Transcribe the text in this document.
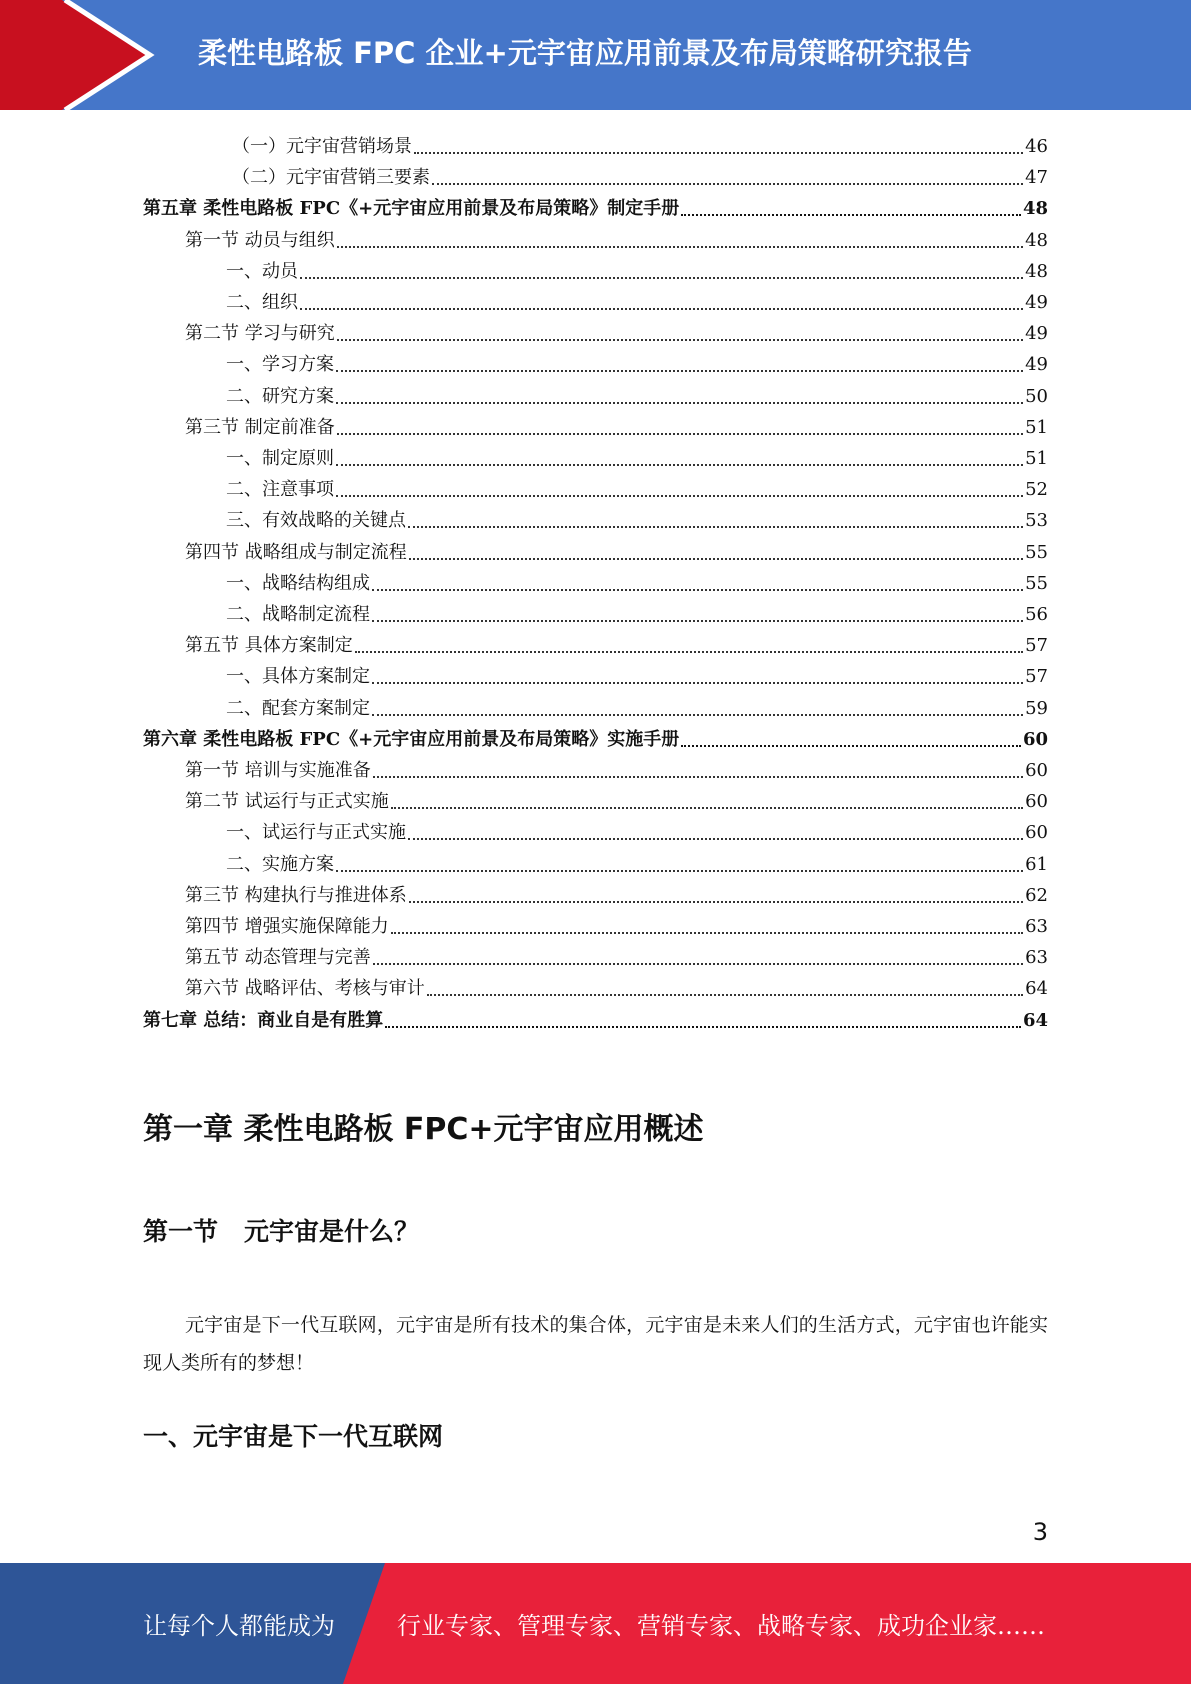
柔性电路板 FPC 企业+元宇宙应用前景及布局策略研究报告
（一）元宇宙营销场景	46
（二）元宇宙营销三要素	47
第五章 柔性电路板 FPC《+元宇宙应用前景及布局策略》制定手册	48
第一节 动员与组织	48
一、动员	48
二、组织	49
第二节 学习与研究	49
一、学习方案	49
二、研究方案	50
第三节 制定前准备	51
一、制定原则	51
二、注意事项	52
三、有效战略的关键点	53
第四节 战略组成与制定流程	55
一、战略结构组成	55
二、战略制定流程	56
第五节 具体方案制定	57
一、具体方案制定	57
二、配套方案制定	59
第六章 柔性电路板 FPC《+元宇宙应用前景及布局策略》实施手册	60
第一节 培训与实施准备	60
第二节 试运行与正式实施	60
一、试运行与正式实施	60
二、实施方案	61
第三节 构建执行与推进体系	62
第四节 增强实施保障能力	63
第五节 动态管理与完善	63
第六节 战略评估、考核与审计	64
第七章 总结：商业自是有胜算	64
第一章 柔性电路板 FPC+元宇宙应用概述
第一节 元宇宙是什么？
元宇宙是下一代互联网，元宇宙是所有技术的集合体，元宇宙是未来人们的生活方式，元宇宙也许能实现人类所有的梦想！
一、元宇宙是下一代互联网
3
让每个人都能成为	行业专家、管理专家、营销专家、战略专家、成功企业家……
